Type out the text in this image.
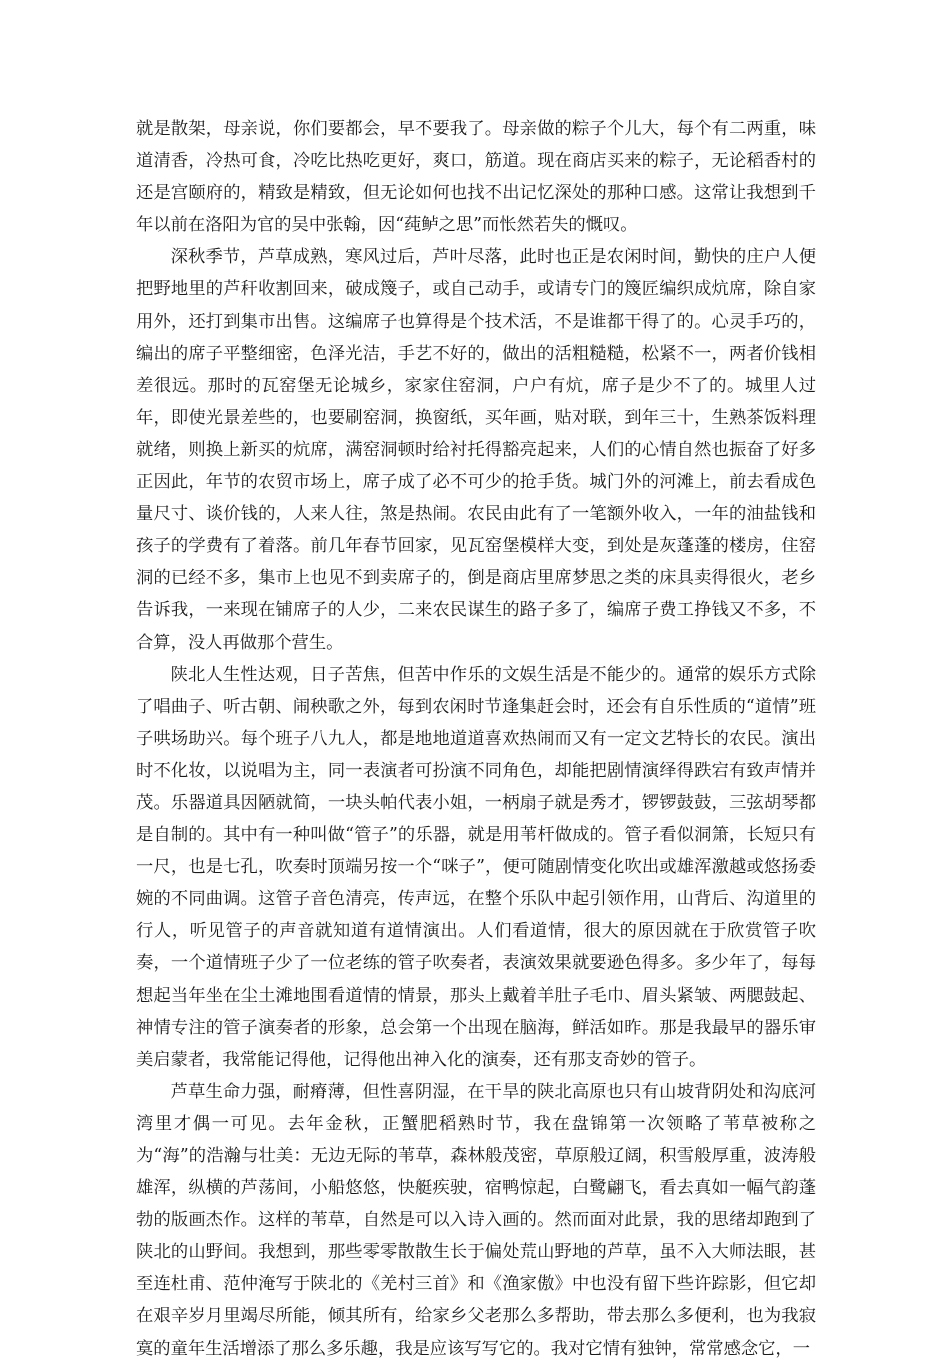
就是散架，母亲说，你们要都会，早不要我了。母亲做的粽子个儿大，每个有二两重，味道清香，冷热可食，冷吃比热吃更好，爽口，筋道。现在商店买来的粽子，无论稻香村的还是宫颐府的，精致是精致，但无论如何也找不出记忆深处的那种口感。这常让我想到千年以前在洛阳为官的吴中张翰，因“莼鲈之思”而怅然若失的慨叹。

深秋季节，芦草成熟，寒风过后，芦叶尽落，此时也正是农闲时间，勤快的庄户人便把野地里的芦秆收割回来，破成篾子，或自己动手，或请专门的篾匠编织成炕席，除自家用外，还打到集市出售。这编席子也算得是个技术活，不是谁都干得了的。心灵手巧的，编出的席子平整细密，色泽光洁，手艺不好的，做出的活粗糙糙，松紧不一，两者价钱相差很远。那时的瓦窑堡无论城乡，家家住窑洞，户户有炕，席子是少不了的。城里人过年，即使光景差些的，也要刷窑洞，换窗纸，买年画，贴对联，到年三十，生熟茶饭料理就绪，则换上新买的炕席，满窑洞顿时给衬托得豁亮起来，人们的心情自然也振奋了好多正因此，年节的农贸市场上，席子成了必不可少的抢手货。城门外的河滩上，前去看成色量尺寸、谈价钱的，人来人往，煞是热闹。农民由此有了一笔额外收入，一年的油盐钱和孩子的学费有了着落。前几年春节回家，见瓦窑堡模样大变，到处是灰蓬蓬的楼房，住窑洞的已经不多，集市上也见不到卖席子的，倒是商店里席梦思之类的床具卖得很火，老乡告诉我，一来现在铺席子的人少，二来农民谋生的路子多了，编席子费工挣钱又不多，不合算，没人再做那个营生。

陕北人生性达观，日子苦焦，但苦中作乐的文娱生活是不能少的。通常的娱乐方式除了唱曲子、听古朝、闹秧歌之外，每到农闲时节逢集赶会时，还会有自乐性质的“道情”班子哄场助兴。每个班子八九人，都是地地道道喜欢热闹而又有一定文艺特长的农民。演出时不化妆，以说唱为主，同一表演者可扮演不同角色，却能把剧情演绎得跌宕有致声情并茂。乐器道具因陋就简，一块头帕代表小姐，一柄扇子就是秀才，锣锣鼓鼓，三弦胡琴都是自制的。其中有一种叫做“管子”的乐器，就是用苇杆做成的。管子看似洞箫，长短只有一尺，也是七孔，吹奏时顶端另按一个“咪子”，便可随剧情变化吹出或雄浑激越或悠扬委婉的不同曲调。这管子音色清亮，传声远，在整个乐队中起引领作用，山背后、沟道里的行人，听见管子的声音就知道有道情演出。人们看道情，很大的原因就在于欣赏管子吹奏，一个道情班子少了一位老练的管子吹奏者，表演效果就要逊色得多。多少年了，每每想起当年坐在尘土滩地围看道情的情景，那头上戴着羊肚子毛巾、眉头紧皱、两腮鼓起、神情专注的管子演奏者的形象，总会第一个出现在脑海，鲜活如昨。那是我最早的器乐审美启蒙者，我常能记得他，记得他出神入化的演奏，还有那支奇妙的管子。

芦草生命力强，耐瘠薄，但性喜阴湿，在干旱的陕北高原也只有山坡背阴处和沟底河湾里才偶一可见。去年金秋，正蟹肥稻熟时节，我在盘锦第一次领略了苇草被称之为“海”的浩瀚与壮美：无边无际的苇草，森林般茂密，草原般辽阔，积雪般厚重，波涛般雄浑，纵横的芦荡间，小船悠悠，快艇疾驶，宿鸭惊起，白鹭翩飞，看去真如一幅气韵蓬勃的版画杰作。这样的苇草，自然是可以入诗入画的。然而面对此景，我的思绪却跑到了陕北的山野间。我想到，那些零零散散生长于偏处荒山野地的芦草，虽不入大师法眼，甚至连杜甫、范仲淹写于陕北的《羌村三首》和《渔家傲》中也没有留下些许踪影，但它却在艰辛岁月里竭尽所能，倾其所有，给家乡父老那么多帮助，带去那么多便利，也为我寂寞的童年生活增添了那么多乐趣，我是应该写写它的。我对它情有独钟，常常感念它，一
